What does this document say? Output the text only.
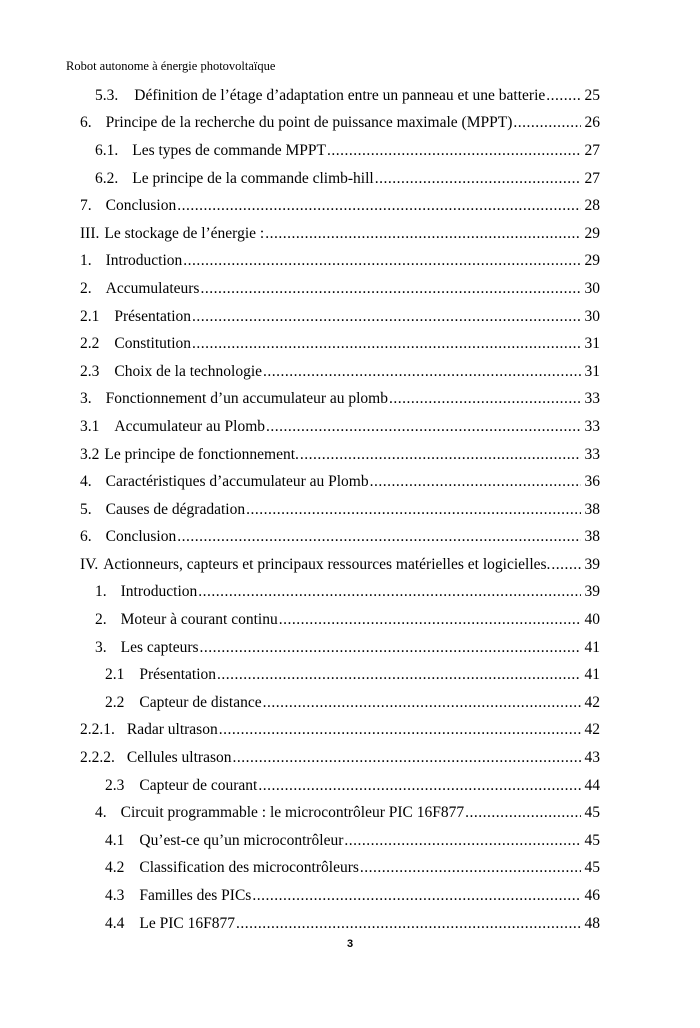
Robot autonome à énergie photovoltaïque
5.3. Définition de l’étage d’adaptation entre un panneau et une batterie .....	25
6. Principe de la recherche du point de puissance maximale (MPPT) .....	26
6.1. Les types de commande MPPT .....	27
6.2. Le principe de la commande climb-hill .....	27
7. Conclusion .....	28
III. Le stockage de l’énergie : .....	29
1. Introduction .....	29
2. Accumulateurs .....	30
2.1 Présentation .....	30
2.2 Constitution .....	31
2.3 Choix de la technologie .....	31
3. Fonctionnement d’un accumulateur au plomb .....	33
3.1 Accumulateur au Plomb .....	33
3.2 Le principe de fonctionnement. .....	33
4. Caractéristiques d’accumulateur au Plomb .....	36
5. Causes de dégradation .....	38
6. Conclusion .....	38
IV. Actionneurs, capteurs et principaux ressources matérielles et logicielles. ..... 39
1. Introduction .....	39
2. Moteur à courant continu .....	40
3. Les capteurs .....	41
2.1 Présentation .....	41
2.2 Capteur de distance .....	42
2.2.1. Radar ultrason .....	42
2.2.2. Cellules ultrason .....	43
2.3 Capteur de courant .....	44
4. Circuit programmable : le microcontrôleur PIC 16F877 .....	45
4.1 Qu’est-ce qu’un microcontrôleur .....	45
4.2 Classification des microcontrôleurs .....	45
4.3 Familles des PICs .....	46
4.4 Le PIC 16F877 .....	48
3
